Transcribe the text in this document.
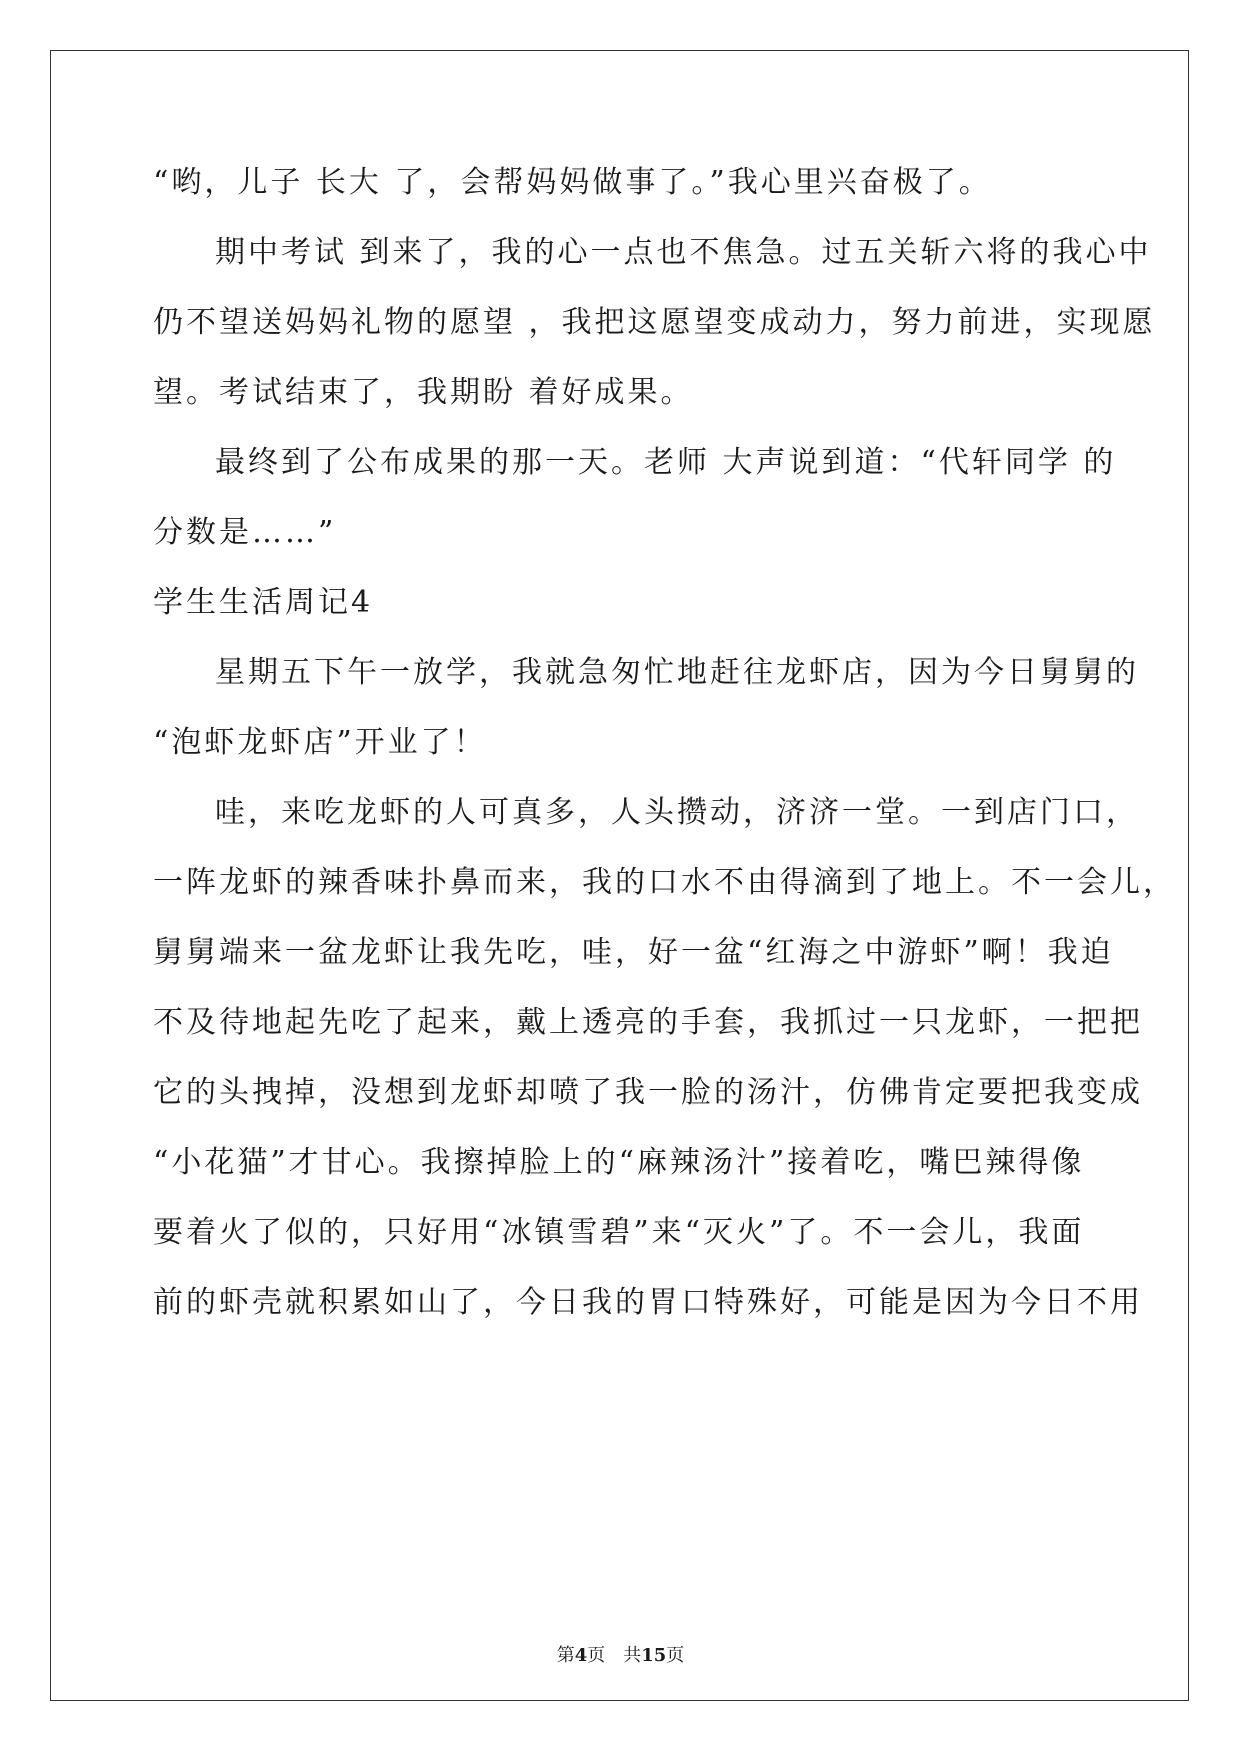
“哟，儿子 长大 了，会帮妈妈做事了。”我心里兴奋极了。
期中考试 到来了，我的心一点也不焦急。过五关斩六将的我心中
仍不望送妈妈礼物的愿望 ，我把这愿望变成动力，努力前进，实现愿
望。考试结束了，我期盼 着好成果。
最终到了公布成果的那一天。老师 大声说到道：“代轩同学 的
分数是……”
学生生活周记4
星期五下午一放学，我就急匆忙地赶往龙虾店，因为今日舅舅的
“泡虾龙虾店”开业了！
哇，来吃龙虾的人可真多，人头攒动，济济一堂。一到店门口，
一阵龙虾的辣香味扑鼻而来，我的口水不由得滴到了地上。不一会儿，
舅舅端来一盆龙虾让我先吃，哇，好一盆“红海之中游虾”啊！我迫
不及待地起先吃了起来，戴上透亮的手套，我抓过一只龙虾，一把把
它的头拽掉，没想到龙虾却喷了我一脸的汤汁，仿佛肯定要把我变成
“小花猫”才甘心。我擦掉脸上的“麻辣汤汁”接着吃，嘴巴辣得像
要着火了似的，只好用“冰镇雪碧”来“灭火”了。不一会儿，我面
前的虾壳就积累如山了，今日我的胃口特殊好，可能是因为今日不用
第4页　共15页
